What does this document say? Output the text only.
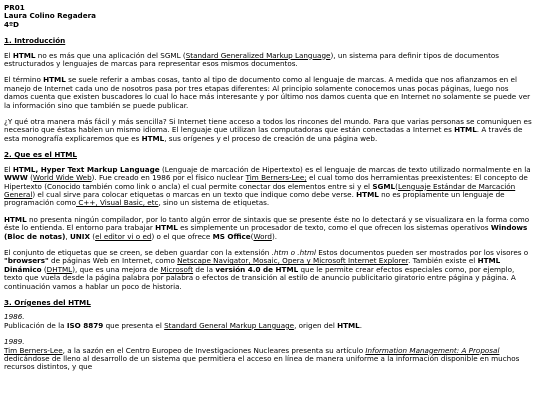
PR01
Laura Colino Regadera
4ºD
1. Introducción

El HTML no es más que una aplicación del SGML (Standard Generalized Markup Language), un sistema para definir tipos de documentos estructurados y lenguajes de marcas para representar esos mismos documentos.

El término HTML se suele referir a ambas cosas, tanto al tipo de documento como al lenguaje de marcas. A medida que nos afianzamos en el manejo de Internet cada uno de nosotros pasa por tres etapas diferentes: Al principio solamente conocemos unas pocas páginas, luego nos damos cuenta que existen buscadores lo cual lo hace más interesante y por último nos damos cuenta que en Internet no solamente se puede ver la información sino que también se puede publicar.

¿Y qué otra manera más fácil y más sencilla? Si Internet tiene acceso a todos los rincones del mundo. Para que varias personas se comuniquen es necesario que éstas hablen un mismo idioma. El lenguaje que utilizan las computadoras que están conectadas a Internet es HTML. A través de esta monografía explicaremos que es HTML, sus orígenes y el proceso de creación de una página web.

2. Que es el HTML

El HTML, Hyper Text Markup Language (Lenguaje de marcación de Hipertexto) es el lenguaje de marcas de texto utilizado normalmente en la WWW (World Wide Web). Fue creado en 1986 por el físico nuclear Tim Berners-Lee; el cual tomo dos herramientas preexistentes: El concepto de Hipertexto (Conocido también como link o ancla) el cual permite conectar dos elementos entre si y el SGML(Lenguaje Estándar de Marcación General) el cual sirve para colocar etiquetas o marcas en un texto que indique como debe verse. HTML no es propiamente un lenguaje de programación como C++, Visual Basic, etc, sino un sistema de etiquetas.

HTML no presenta ningún compilador, por lo tanto algún error de sintaxis que se presente éste no lo detectará y se visualizara en la forma como éste lo entienda. El entorno para trabajar HTML es simplemente un procesador de texto, como el que ofrecen los sistemas operativos Windows (Bloc de notas), UNIX (el editor vi o ed) o el que ofrece MS Office(Word).

El conjunto de etiquetas que se creen, se deben guardar con la extensión .htm o .html Estos documentos pueden ser mostrados por los visores o "browsers" de páginas Web en Internet, como Netscape Navigator, Mosaic, Opera y Microsoft Internet Explorer. También existe el HTML Dinámico (DHTML), que es una mejora de Microsoft de la versión 4.0 de HTML que le permite crear efectos especiales como, por ejemplo, texto que vuela desde la página palabra por palabra o efectos de transición al estilo de anuncio publicitario giratorio entre página y página. A continuación vamos a hablar un poco de historia.

3. Orígenes del HTML
1986.

Publicación de la ISO 8879 que presenta el Standard General Markup Language, origen del HTML.

1989.

Tim Berners-Lee, a la sazón en el Centro Europeo de Investigaciones Nucleares presenta su artículo Information Management: A Proposal dedicándose de lleno al desarrollo de un sistema que permitiera el acceso en línea de manera uniforme a la información disponible en muchos recursos distintos, y que
